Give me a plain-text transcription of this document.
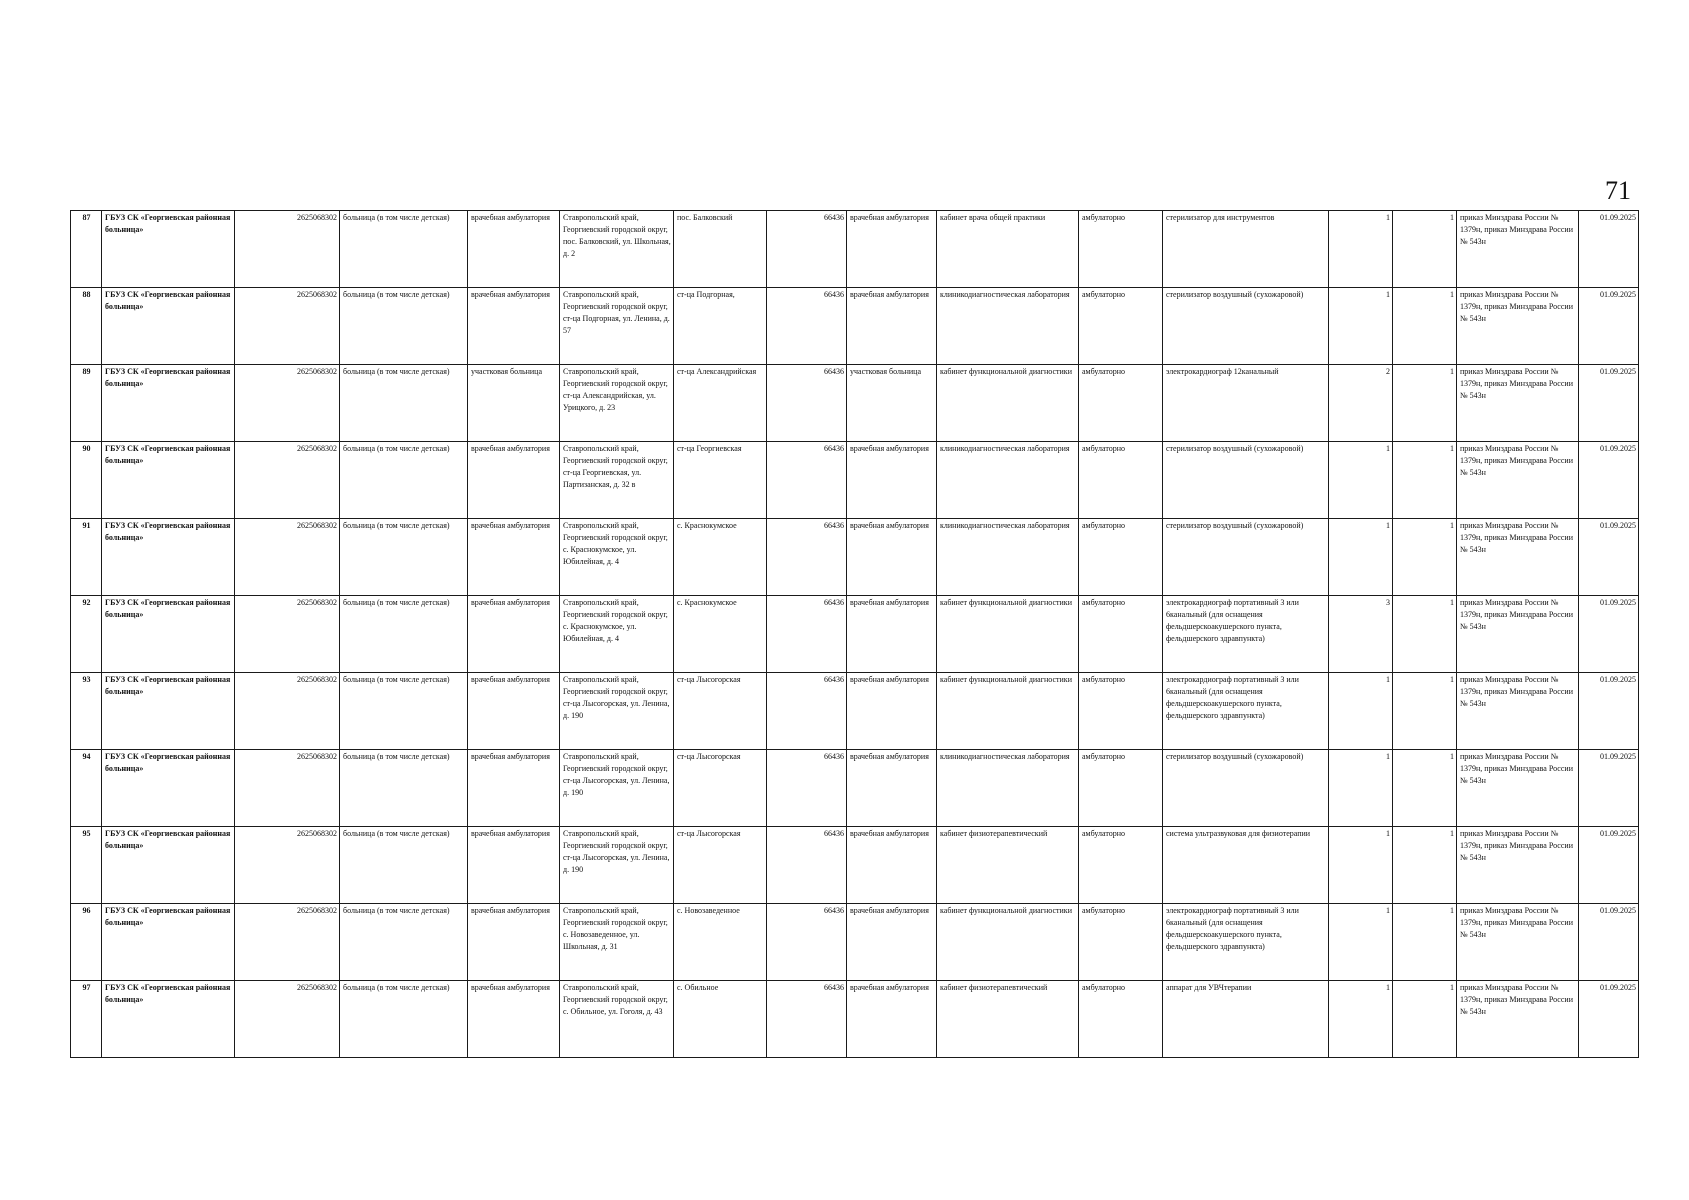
71
87	ГБУЗ СК «Георгиевская районная больница»	2625068302	больница (в том числе детская)	врачебная амбулатория	Ставропольский край, Георгиевский городской округ, пос. Балковский, ул. Школьная, д. 2	пос. Балковский	66436	врачебная амбулатория	кабинет врача общей практики	амбулаторно	стерилизатор для инструментов	1	1	приказ Минздрава России № 1379н, приказ Минздрава России № 543н	01.09.2025
88	ГБУЗ СК «Георгиевская районная больница»	2625068302	больница (в том числе детская)	врачебная амбулатория	Ставропольский край, Георгиевский городской округ, ст-ца Подгорная, ул. Ленина, д. 57	ст-ца Подгорная,	66436	врачебная амбулатория	клиникодиагностическая лаборатория	амбулаторно	стерилизатор воздушный (сухожаровой)	1	1	приказ Минздрава России № 1379н, приказ Минздрава России № 543н	01.09.2025
89	ГБУЗ СК «Георгиевская районная больница»	2625068302	больница (в том числе детская)	участковая больница	Ставропольский край, Георгиевский городской округ, ст-ца Александрийская, ул. Урицкого, д. 23	ст-ца Александрийская	66436	участковая больница	кабинет функциональной диагностики	амбулаторно	электрокардиограф 12канальный	2	1	приказ Минздрава России № 1379н, приказ Минздрава России № 543н	01.09.2025
90	ГБУЗ СК «Георгиевская районная больница»	2625068302	больница (в том числе детская)	врачебная амбулатория	Ставропольский край, Георгиевский городской округ, ст-ца Георгиевская, ул. Партизанская, д. 32 в	ст-ца Георгиевская	66436	врачебная амбулатория	клиникодиагностическая лаборатория	амбулаторно	стерилизатор воздушный (сухожаровой)	1	1	приказ Минздрава России № 1379н, приказ Минздрава России № 543н	01.09.2025
91	ГБУЗ СК «Георгиевская районная больница»	2625068302	больница (в том числе детская)	врачебная амбулатория	Ставропольский край, Георгиевский городской округ, с. Краснокумское, ул. Юбилейная, д. 4	с. Краснокумское	66436	врачебная амбулатория	клиникодиагностическая лаборатория	амбулаторно	стерилизатор воздушный (сухожаровой)	1	1	приказ Минздрава России № 1379н, приказ Минздрава России № 543н	01.09.2025
92	ГБУЗ СК «Георгиевская районная больница»	2625068302	больница (в том числе детская)	врачебная амбулатория	Ставропольский край, Георгиевский городской округ, с. Краснокумское, ул. Юбилейная, д. 4	с. Краснокумское	66436	врачебная амбулатория	кабинет функциональной диагностики	амбулаторно	электрокардиограф портативный 3 или 6канальный (для оснащения фельдшерскоакушерского пункта, фельдшерского здравпункта)	3	1	приказ Минздрава России № 1379н, приказ Минздрава России № 543н	01.09.2025
93	ГБУЗ СК «Георгиевская районная больница»	2625068302	больница (в том числе детская)	врачебная амбулатория	Ставропольский край, Георгиевский городской округ, ст-ца Лысогорская, ул. Ленина, д. 190	ст-ца Лысогорская	66436	врачебная амбулатория	кабинет функциональной диагностики	амбулаторно	электрокардиограф портативный 3 или 6канальный (для оснащения фельдшерскоакушерского пункта, фельдшерского здравпункта)	1	1	приказ Минздрава России № 1379н, приказ Минздрава России № 543н	01.09.2025
94	ГБУЗ СК «Георгиевская районная больница»	2625068302	больница (в том числе детская)	врачебная амбулатория	Ставропольский край, Георгиевский городской округ, ст-ца Лысогорская, ул. Ленина, д. 190	ст-ца Лысогорская	66436	врачебная амбулатория	клиникодиагностическая лаборатория	амбулаторно	стерилизатор воздушный (сухожаровой)	1	1	приказ Минздрава России № 1379н, приказ Минздрава России № 543н	01.09.2025
95	ГБУЗ СК «Георгиевская районная больница»	2625068302	больница (в том числе детская)	врачебная амбулатория	Ставропольский край, Георгиевский городской округ, ст-ца Лысогорская, ул. Ленина, д. 190	ст-ца Лысогорская	66436	врачебная амбулатория	кабинет физиотерапевтический	амбулаторно	система ультразвуковая для физиотерапии	1	1	приказ Минздрава России № 1379н, приказ Минздрава России № 543н	01.09.2025
96	ГБУЗ СК «Георгиевская районная больница»	2625068302	больница (в том числе детская)	врачебная амбулатория	Ставропольский край, Георгиевский городской округ, с. Новозаведенное, ул. Школьная, д. 31	с. Новозаведенное	66436	врачебная амбулатория	кабинет функциональной диагностики	амбулаторно	электрокардиограф портативный 3 или 6канальный (для оснащения фельдшерскоакушерского пункта, фельдшерского здравпункта)	1	1	приказ Минздрава России № 1379н, приказ Минздрава России № 543н	01.09.2025
97	ГБУЗ СК «Георгиевская районная больница»	2625068302	больница (в том числе детская)	врачебная амбулатория	Ставропольский край, Георгиевский городской округ, с. Обильное, ул. Гоголя, д. 43	с. Обильное	66436	врачебная амбулатория	кабинет физиотерапевтический	амбулаторно	аппарат для УВЧтерапии	1	1	приказ Минздрава России № 1379н, приказ Минздрава России № 543н	01.09.2025
